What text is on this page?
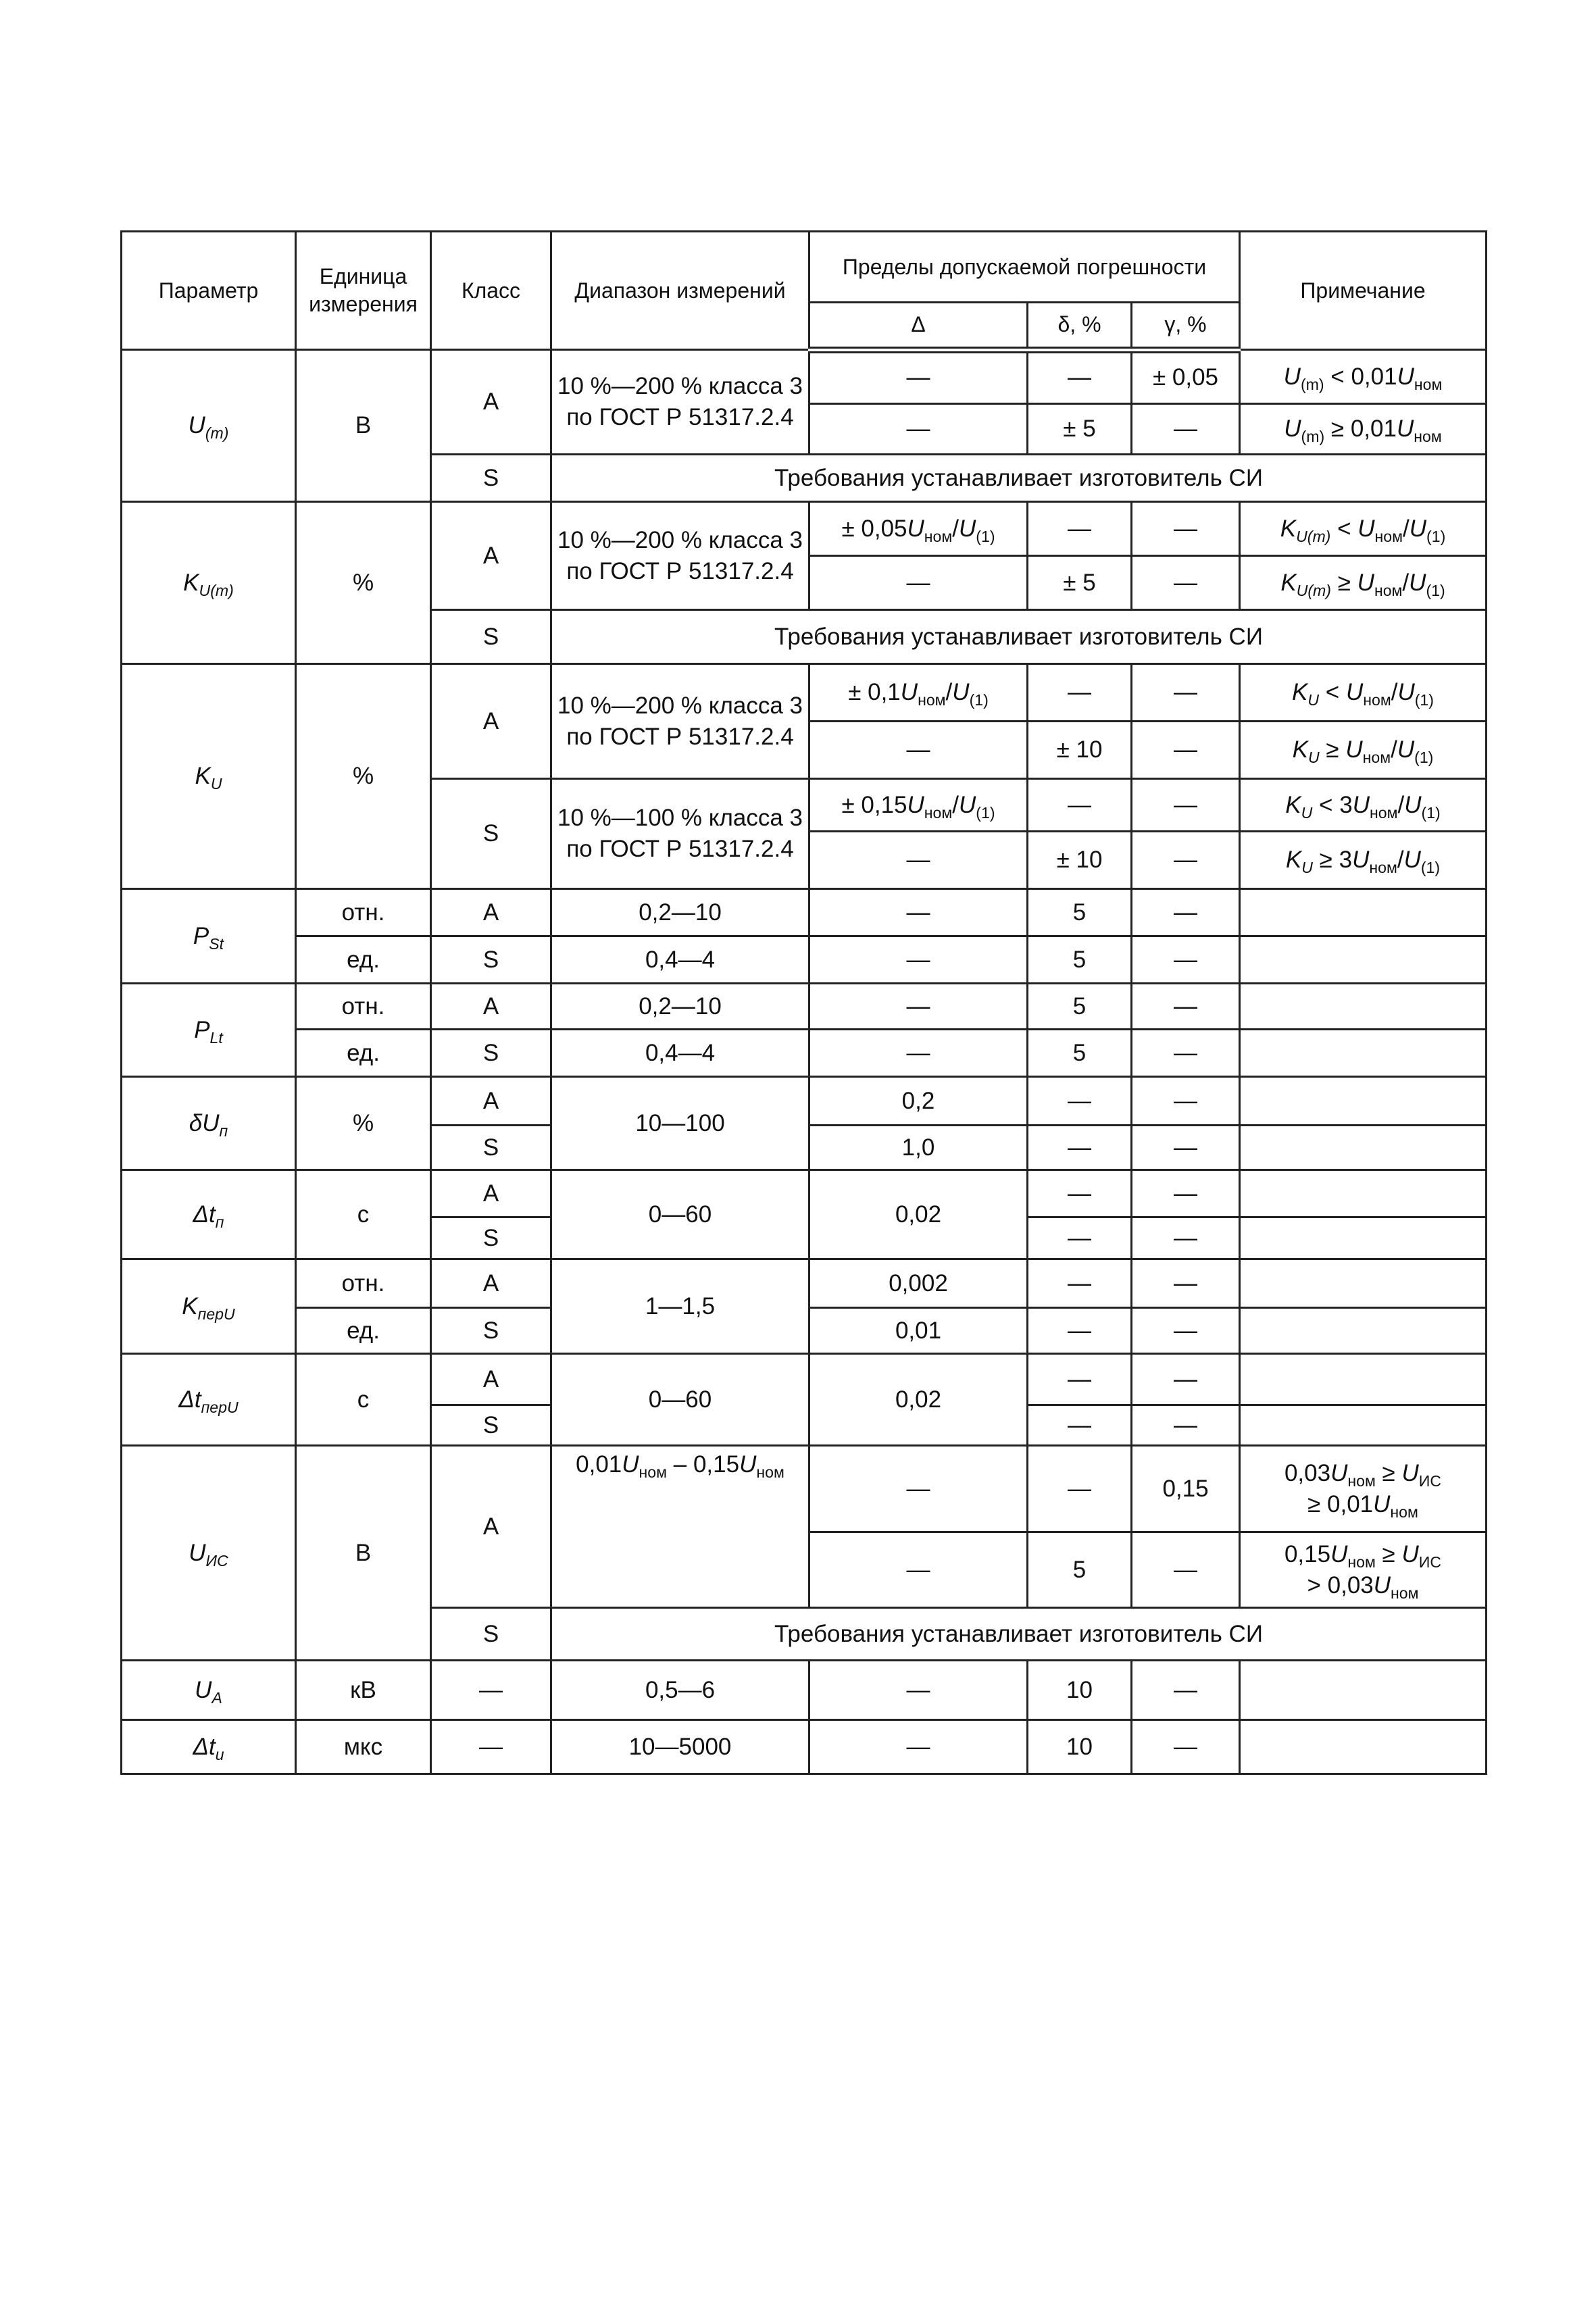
Параметр	Единица измерения	Класс	Диапазон измерений	Пределы допускаемой погрешности			Примечание
				Δ	δ, %	γ, %	
$U_{(m)}$	В	A	10 %—200 % класса 3 по ГОСТ Р 51317.2.4	—	—	± 0,05	$U_{(m)} < 0,01U_{ном}$
				—	± 5	—	$U_{(m)} \ge 0,01U_{ном}$
		S	Требования устанавливает изготовитель СИ				
$K_{U(m)}$	%	A	10 %—200 % класса 3 по ГОСТ Р 51317.2.4	± $0,05U_{ном}/U_{(1)}$	—	—	$K_{U(m)} < U_{ном}/U_{(1)}$
				—	± 5	—	$K_{U(m)} \ge U_{ном}/U_{(1)}$
		S	Требования устанавливает изготовитель СИ				
$K_U$	%	A	10 %—200 % класса 3 по ГОСТ Р 51317.2.4	± $0,1U_{ном}/U_{(1)}$	—	—	$K_U < U_{ном}/U_{(1)}$
				—	± 10	—	$K_U \ge U_{ном}/U_{(1)}$
		S	10 %—100 % класса 3 по ГОСТ Р 51317.2.4	± $0,15U_{ном}/U_{(1)}$	—	—	$K_U < 3U_{ном}/U_{(1)}$
				—	± 10	—	$K_U \ge 3U_{ном}/U_{(1)}$
$P_{St}$	отн.	A	0,2—10	—	5	—	
	ед.	S	0,4—4	—	5	—	
$P_{Lt}$	отн.	A	0,2—10	—	5	—	
	ед.	S	0,4—4	—	5	—	
$\delta U_п$	%	A	10—100	0,2	—	—	
		S		1,0	—	—	
$\Delta t_п$	с	A	0—60	0,02	—	—	
		S			—	—	
$K_{перU}$	отн.	A	1—1,5	0,002	—	—	
	ед.	S		0,01	—	—	
$\Delta t_{перU}$	с	A	0—60	0,02	—	—	
		S			—	—	
$U_{ИС}$	В	A	$0,01U_{ном} - 0,15U_{ном}$	—	—	0,15	$0,03U_{ном} \ge U_{ИС}$
≥ $0,01U_{ном}$
				—	5	—	$0,15U_{ном} \ge U_{ИС}$
> $0,03U_{ном}$
		S	Требования устанавливает изготовитель СИ				
$U_А$	кВ	—	0,5—6	—	10	—	
$\Delta t_и$	мкс	—	10—5000	—	10	—	
